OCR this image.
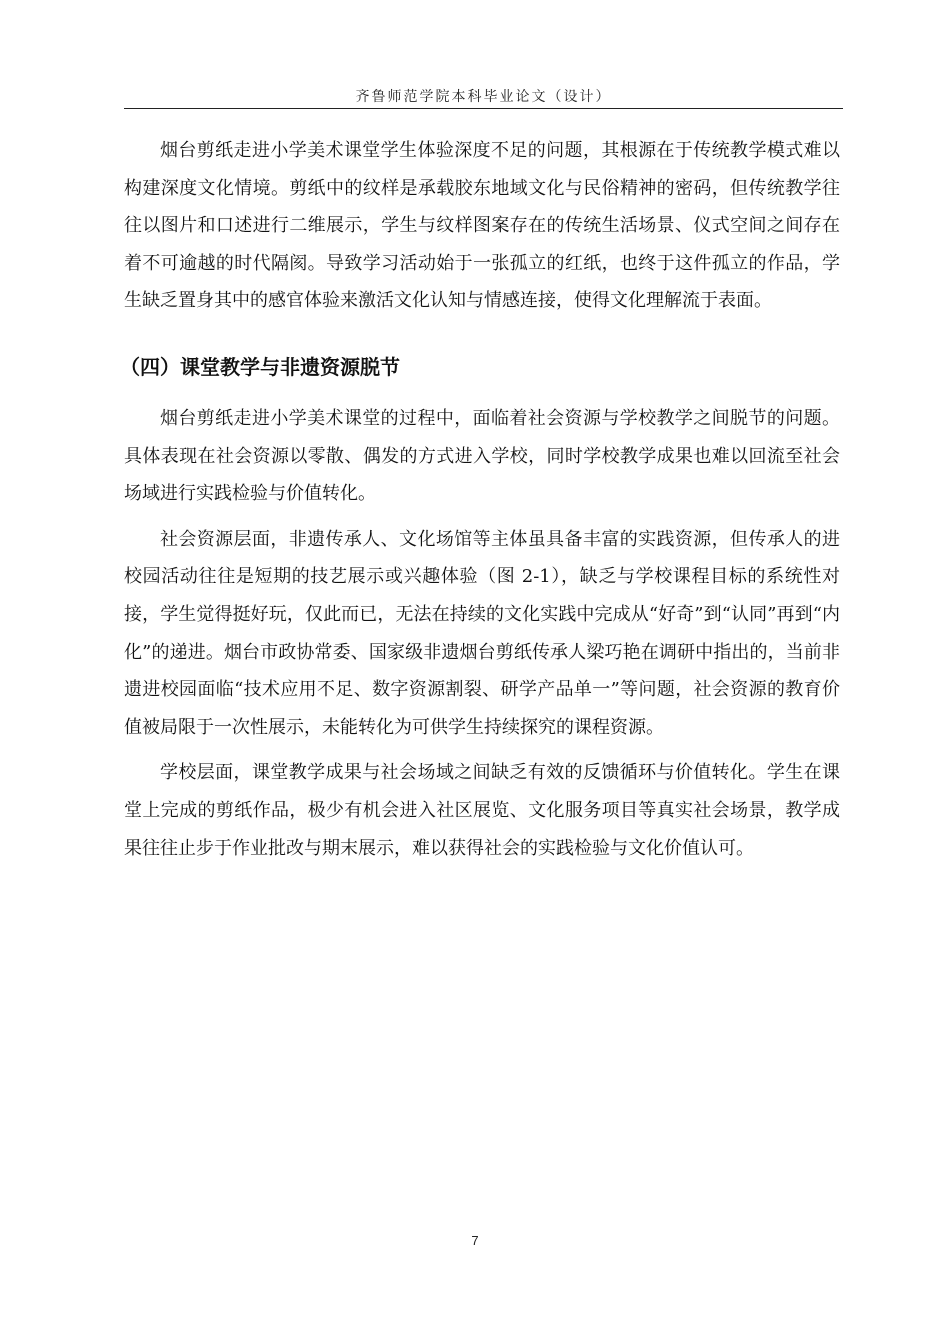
齐鲁师范学院本科毕业论文（设计）

烟台剪纸走进小学美术课堂学生体验深度不足的问题，其根源在于传统教学模式难以构建深度文化情境。剪纸中的纹样是承载胶东地域文化与民俗精神的密码，但传统教学往往以图片和口述进行二维展示，学生与纹样图案存在的传统生活场景、仪式空间之间存在着不可逾越的时代隔阂。导致学习活动始于一张孤立的红纸，也终于这件孤立的作品，学生缺乏置身其中的感官体验来激活文化认知与情感连接，使得文化理解流于表面。

（四）课堂教学与非遗资源脱节

烟台剪纸走进小学美术课堂的过程中，面临着社会资源与学校教学之间脱节的问题。具体表现在社会资源以零散、偶发的方式进入学校，同时学校教学成果也难以回流至社会场域进行实践检验与价值转化。

社会资源层面，非遗传承人、文化场馆等主体虽具备丰富的实践资源，但传承人的进校园活动往往是短期的技艺展示或兴趣体验（图 2-1），缺乏与学校课程目标的系统性对接，学生觉得挺好玩，仅此而已，无法在持续的文化实践中完成从“好奇”到“认同”再到“内化”的递进。烟台市政协常委、国家级非遗烟台剪纸传承人梁巧艳在调研中指出的，当前非遗进校园面临“技术应用不足、数字资源割裂、研学产品单一”等问题，社会资源的教育价值被局限于一次性展示，未能转化为可供学生持续探究的课程资源。

学校层面，课堂教学成果与社会场域之间缺乏有效的反馈循环与价值转化。学生在课堂上完成的剪纸作品，极少有机会进入社区展览、文化服务项目等真实社会场景，教学成果往往止步于作业批改与期末展示，难以获得社会的实践检验与文化价值认可。

7
